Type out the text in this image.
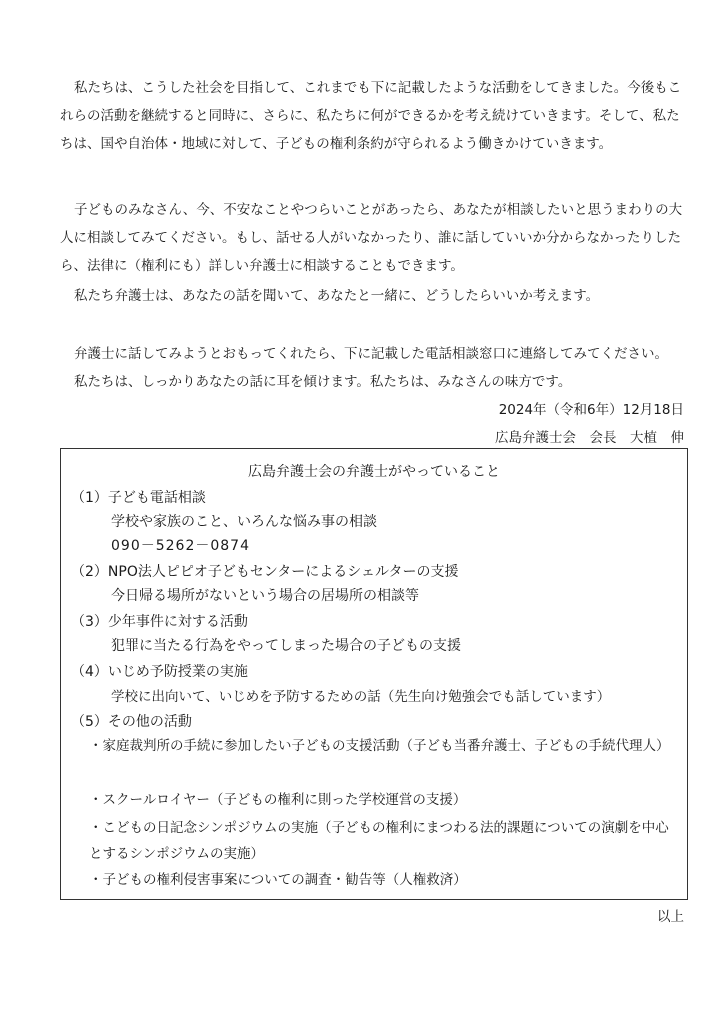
私たちは、こうした社会を目指して、これまでも下に記載したような活動をしてきました。今後もこれらの活動を継続すると同時に、さらに、私たちに何ができるかを考え続けていきます。そして、私たちは、国や自治体・地域に対して、子どもの権利条約が守られるよう働きかけていきます。

子どものみなさん、今、不安なことやつらいことがあったら、あなたが相談したいと思うまわりの大人に相談してみてください。もし、話せる人がいなかったり、誰に話していいか分からなかったりしたら、法律に（権利にも）詳しい弁護士に相談することもできます。

私たち弁護士は、あなたの話を聞いて、あなたと一緒に、どうしたらいいか考えます。

弁護士に話してみようとおもってくれたら、下に記載した電話相談窓口に連絡してみてください。

私たちは、しっかりあなたの話に耳を傾けます。私たちは、みなさんの味方です。

2024年（令和6年）12月18日
広島弁護士会　会長　大植　伸
広島弁護士会の弁護士がやっていること
（1）子ども電話相談
学校や家族のこと、いろんな悩み事の相談
090－5262－0874
（2）NPO法人ピピオ子どもセンターによるシェルターの支援
今日帰る場所がないという場合の居場所の相談等
（3）少年事件に対する活動
犯罪に当たる行為をやってしまった場合の子どもの支援
（4）いじめ予防授業の実施
学校に出向いて、いじめを予防するための話（先生向け勉強会でも話しています）
（5）その他の活動
・家庭裁判所の手続に参加したい子どもの支援活動（子ども当番弁護士、子どもの手続代理人）
・スクールロイヤー（子どもの権利に則った学校運営の支援）
・こどもの日記念シンポジウムの実施（子どもの権利にまつわる法的課題についての演劇を中心とするシンポジウムの実施）
・子どもの権利侵害事案についての調査・勧告等（人権救済）
以上
